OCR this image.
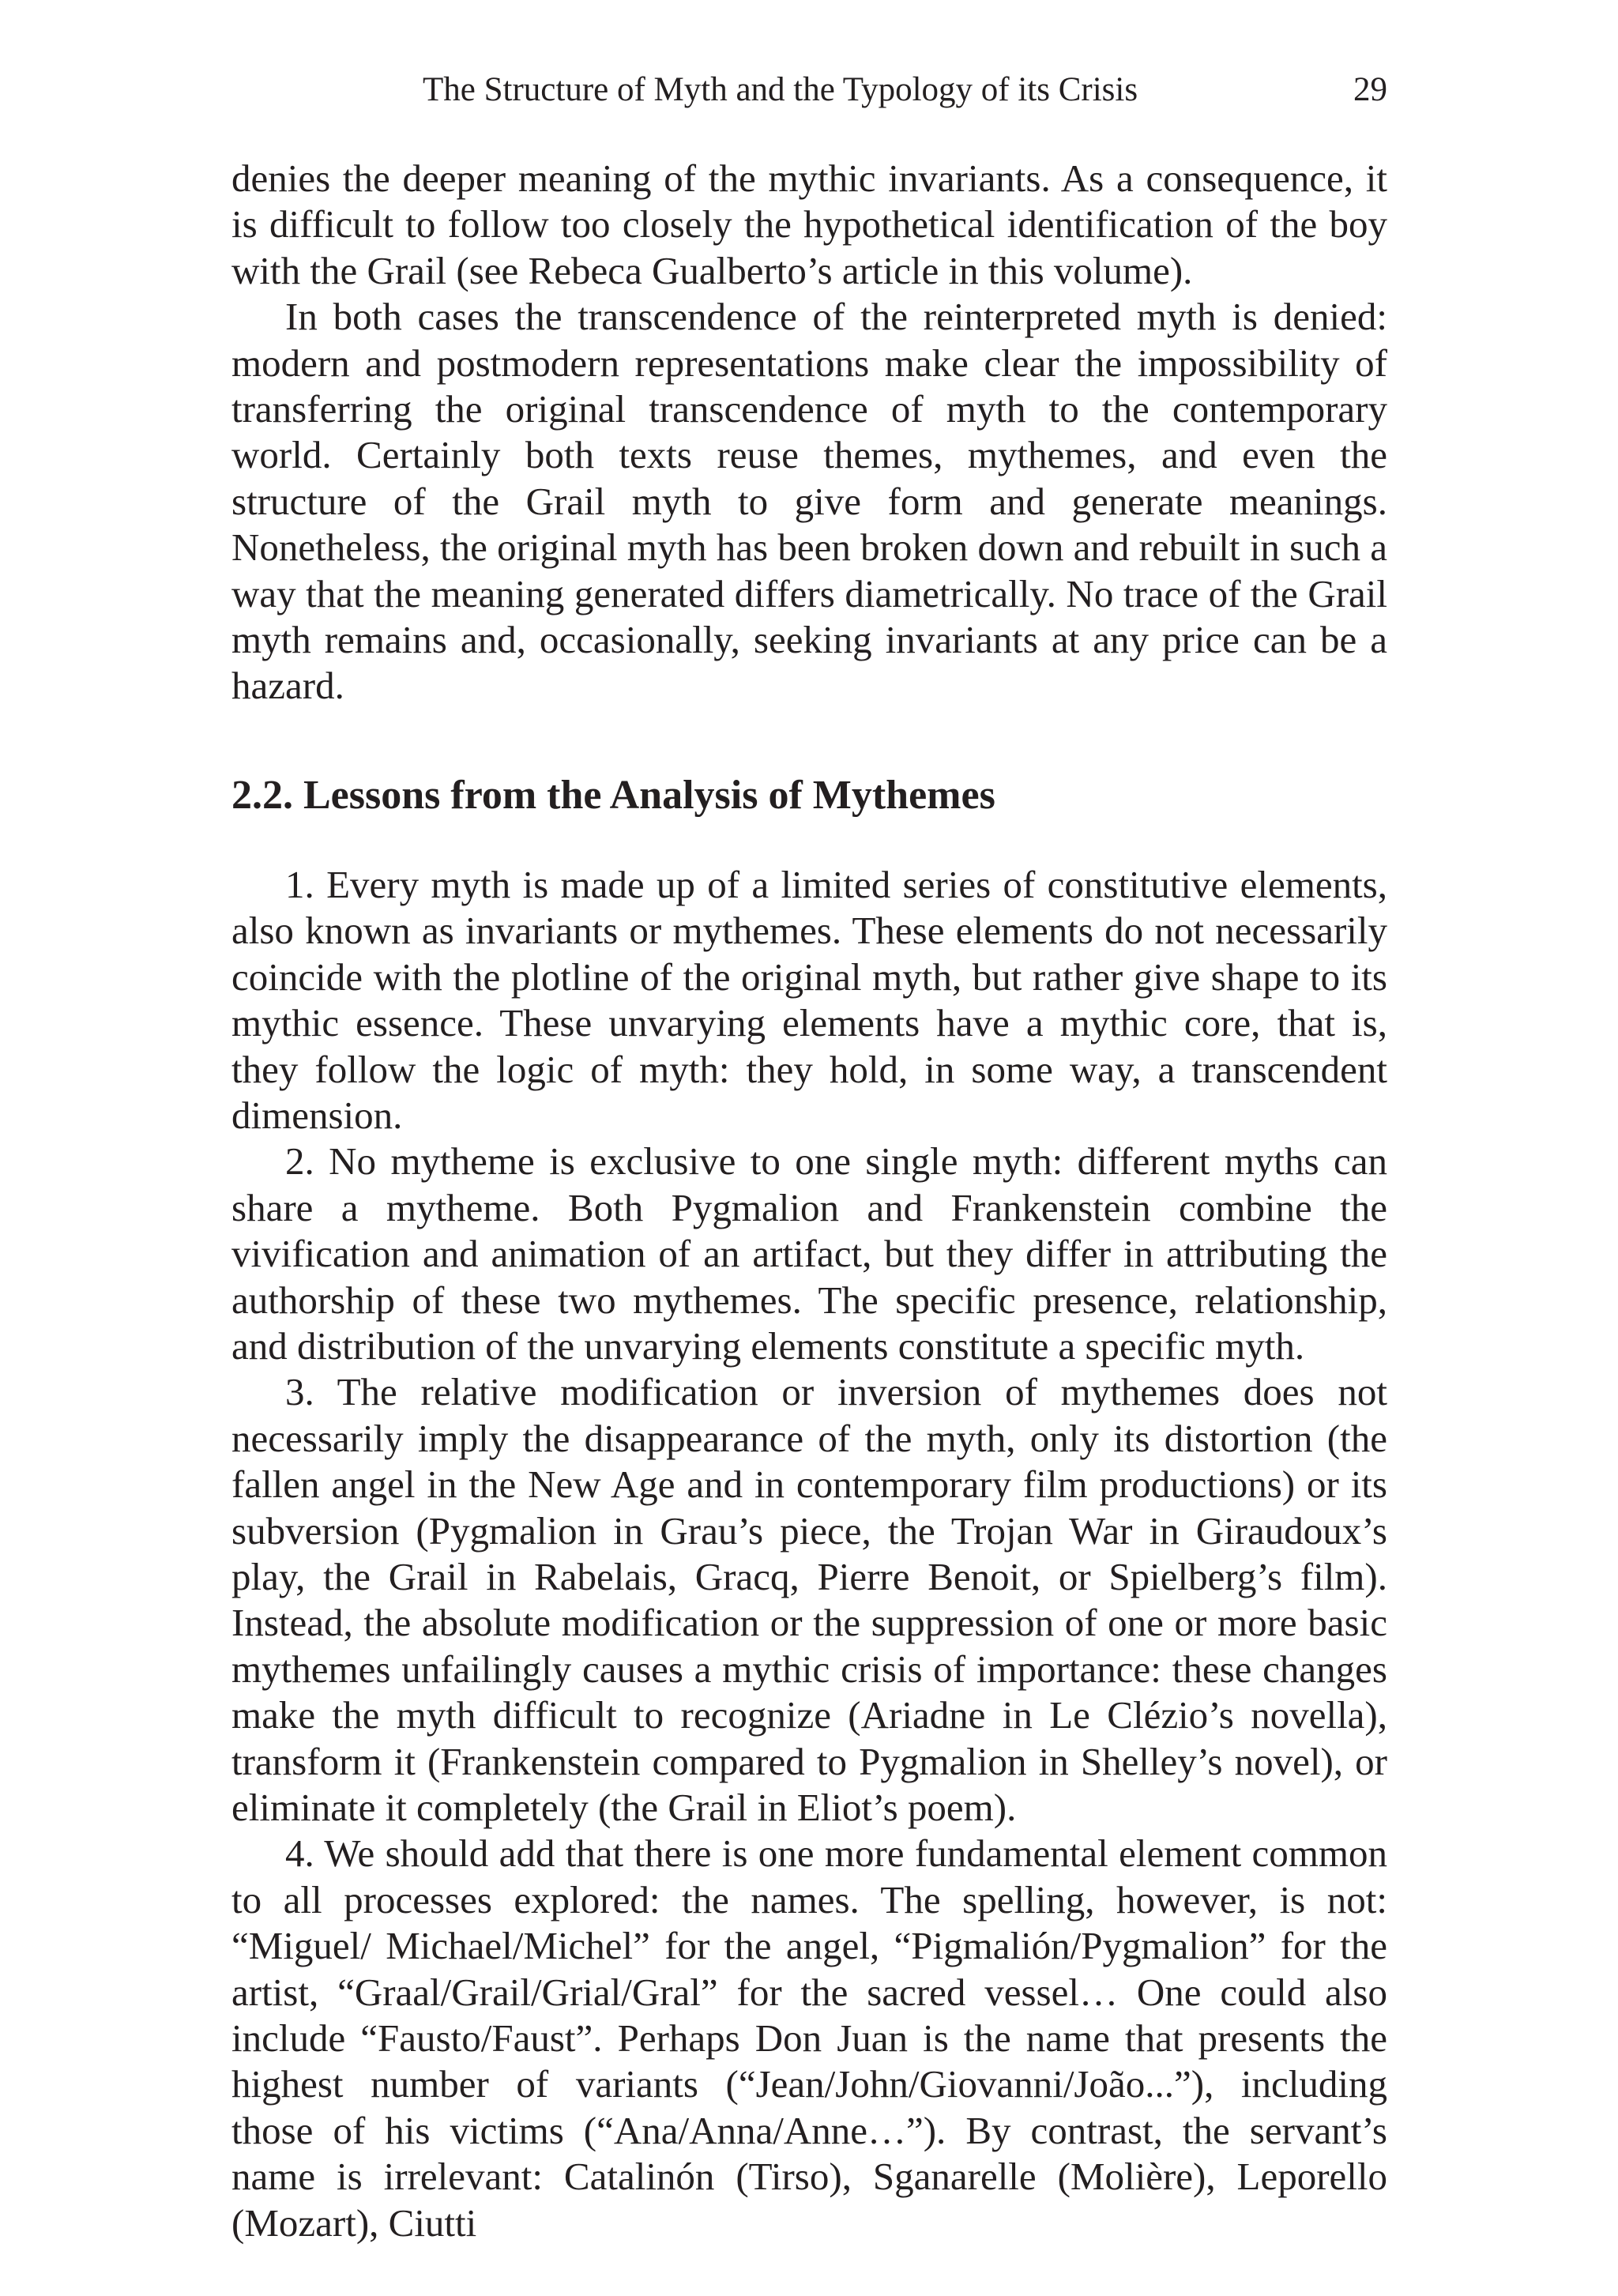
The Structure of Myth and the Typology of its Crisis	29

denies the deeper meaning of the mythic invariants. As a consequence, it is difficult to follow too closely the hypothetical identification of the boy with the Grail (see Rebeca Gualberto’s article in this volume).

In both cases the transcendence of the reinterpreted myth is denied: modern and postmodern representations make clear the impossibility of transferring the original transcendence of myth to the contemporary world. Certainly both texts reuse themes, mythemes, and even the structure of the Grail myth to give form and generate meanings. Nonetheless, the original myth has been broken down and rebuilt in such a way that the meaning generated differs diametrically. No trace of the Grail myth remains and, occasionally, seeking invariants at any price can be a hazard.

2.2. Lessons from the Analysis of Mythemes

1. Every myth is made up of a limited series of constitutive elements, also known as invariants or mythemes. These elements do not necessarily coincide with the plotline of the original myth, but rather give shape to its mythic essence. These unvarying elements have a mythic core, that is, they follow the logic of myth: they hold, in some way, a transcendent dimension.

2. No mytheme is exclusive to one single myth: different myths can share a mytheme. Both Pygmalion and Frankenstein combine the vivification and animation of an artifact, but they differ in attributing the authorship of these two mythemes. The specific presence, relationship, and distribution of the unvarying elements constitute a specific myth.

3. The relative modification or inversion of mythemes does not necessarily imply the disappearance of the myth, only its distortion (the fallen angel in the New Age and in contemporary film productions) or its subversion (Pygmalion in Grau’s piece, the Trojan War in Giraudoux’s play, the Grail in Rabelais, Gracq, Pierre Benoit, or Spielberg’s film). Instead, the absolute modification or the suppression of one or more basic mythemes unfailingly causes a mythic crisis of importance: these changes make the myth difficult to recognize (Ariadne in Le Clézio’s novella), transform it (Frankenstein compared to Pygmalion in Shelley’s novel), or eliminate it completely (the Grail in Eliot’s poem).

4. We should add that there is one more fundamental element common to all processes explored: the names. The spelling, however, is not: “Miguel/ Michael/Michel” for the angel, “Pigmalión/Pygmalion” for the artist, “Graal/Grail/Grial/Gral” for the sacred vessel… One could also include “Fausto/Faust”. Perhaps Don Juan is the name that presents the highest number of variants (“Jean/John/Giovanni/João...”), including those of his victims (“Ana/Anna/Anne…”). By contrast, the servant’s name is irrelevant: Catalinón (Tirso), Sganarelle (Molière), Leporello (Mozart), Ciutti
